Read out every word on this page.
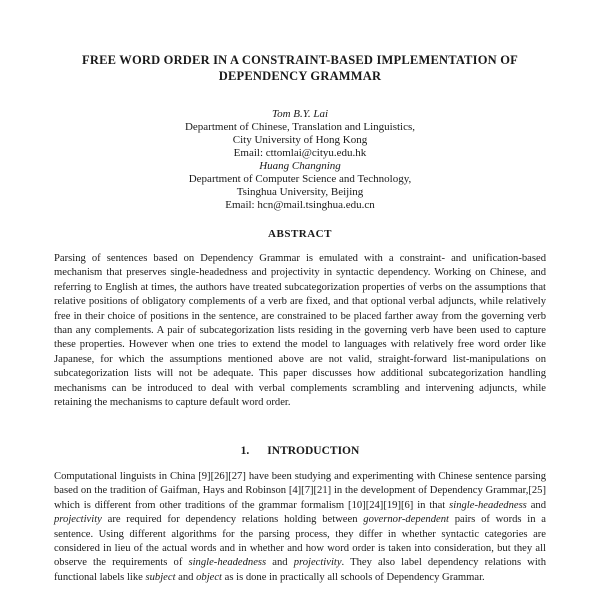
FREE WORD ORDER IN A CONSTRAINT-BASED IMPLEMENTATION OF
DEPENDENCY GRAMMAR
Tom B.Y. Lai
Department of Chinese, Translation and Linguistics,
City University of Hong Kong
Email: cttomlai@cityu.edu.hk
Huang Changning
Department of Computer Science and Technology,
Tsinghua University, Beijing
Email: hcn@mail.tsinghua.edu.cn
ABSTRACT
Parsing of sentences based on Dependency Grammar is emulated with a constraint- and unification-based mechanism that preserves single-headedness and projectivity in syntactic dependency. Working on Chinese, and referring to English at times, the authors have treated subcategorization properties of verbs on the assumptions that relative positions of obligatory complements of a verb are fixed, and that optional verbal adjuncts, while relatively free in their choice of positions in the sentence, are constrained to be placed farther away from the governing verb than any complements. A pair of subcategorization lists residing in the governing verb have been used to capture these properties. However when one tries to extend the model to languages with relatively free word order like Japanese, for which the assumptions mentioned above are not valid, straight-forward list-manipulations on subcategorization lists will not be adequate. This paper discusses how additional subcategorization handling mechanisms can be introduced to deal with verbal complements scrambling and intervening adjuncts, while retaining the mechanisms to capture default word order.
1. INTRODUCTION
Computational linguists in China [9][26][27] have been studying and experimenting with Chinese sentence parsing based on the tradition of Gaifman, Hays and Robinson [4][7][21] in the development of Dependency Grammar,[25] which is different from other traditions of the grammar formalism [10][24][19][6] in that single-headedness and projectivity are required for dependency relations holding between governor-dependent pairs of words in a sentence. Using different algorithms for the parsing process, they differ in whether syntactic categories are considered in lieu of the actual words and in whether and how word order is taken into consideration, but they all observe the requirements of single-headedness and projectivity. They also label dependency relations with functional labels like subject and object as is done in practically all schools of Dependency Grammar.
